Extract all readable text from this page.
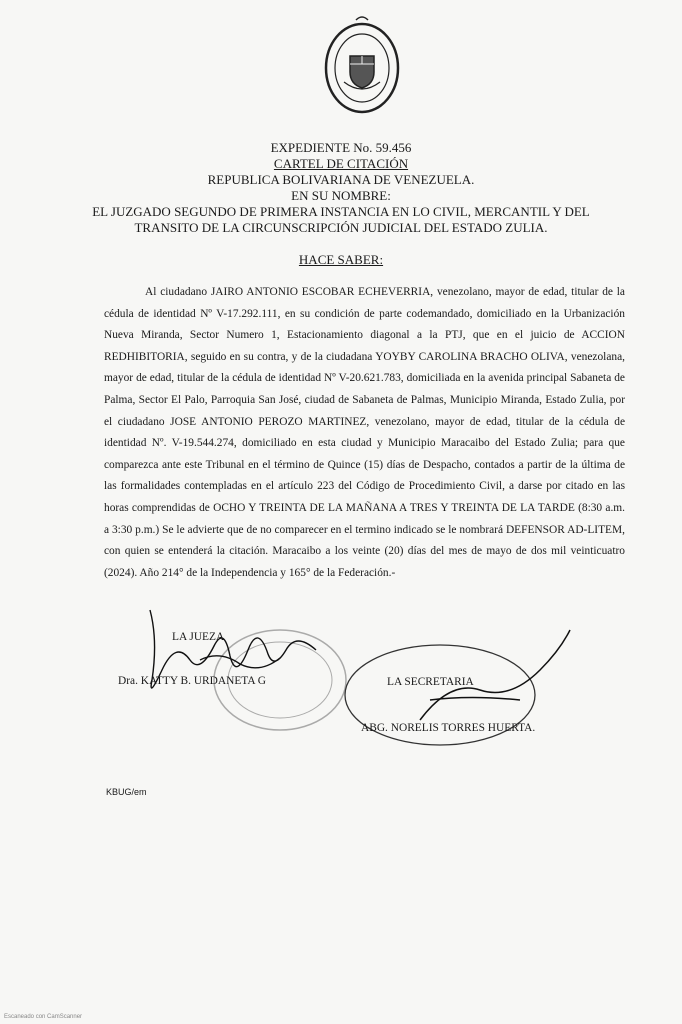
EXPEDIENTE No. 59.456
CARTEL DE CITACIÓN
REPUBLICA BOLIVARIANA DE VENEZUELA.
EN SU NOMBRE:
EL JUZGADO SEGUNDO DE PRIMERA INSTANCIA EN LO CIVIL, MERCANTIL Y DEL
TRANSITO DE LA CIRCUNSCRIPCIÓN JUDICIAL DEL ESTADO ZULIA.
HACE SABER:
Al ciudadano JAIRO ANTONIO ESCOBAR ECHEVERRIA, venezolano, mayor de edad, titular de la cédula de identidad Nº V-17.292.111, en su condición de parte codemandado, domiciliado en la Urbanización Nueva Miranda, Sector Numero 1, Estacionamiento diagonal a la PTJ, que en el juicio de ACCION REDHIBITORIA, seguido en su contra, y de la ciudadana YOYBY CAROLINA BRACHO OLIVA, venezolana, mayor de edad, titular de la cédula de identidad Nº V-20.621.783, domiciliada en la avenida principal Sabaneta de Palma, Sector El Palo, Parroquia San José, ciudad de Sabaneta de Palmas, Municipio Miranda, Estado Zulia, por el ciudadano JOSE ANTONIO PEROZO MARTINEZ, venezolano, mayor de edad, titular de la cédula de identidad Nº. V-19.544.274, domiciliado en esta ciudad y Municipio Maracaibo del Estado Zulia; para que comparezca ante este Tribunal en el término de Quince (15) días de Despacho, contados a partir de la última de las formalidades contempladas en el artículo 223 del Código de Procedimiento Civil, a darse por citado en las horas comprendidas de OCHO Y TREINTA DE LA MAÑANA A TRES Y TREINTA DE LA TARDE (8:30 a.m. a 3:30 p.m.) Se le advierte que de no comparecer en el termino indicado se le nombrará DEFENSOR AD-LITEM, con quien se entenderá la citación. Maracaibo a los veinte (20) días del mes de mayo de dos mil veinticuatro (2024). Año 214° de la Independencia y 165° de la Federación.-
LA JUEZA
Dra. KATTY B. URDANETA G	LA SECRETARIA
ABG. NORELIS TORRES HUERTA.
KBUG/em
Escaneado con CamScanner
